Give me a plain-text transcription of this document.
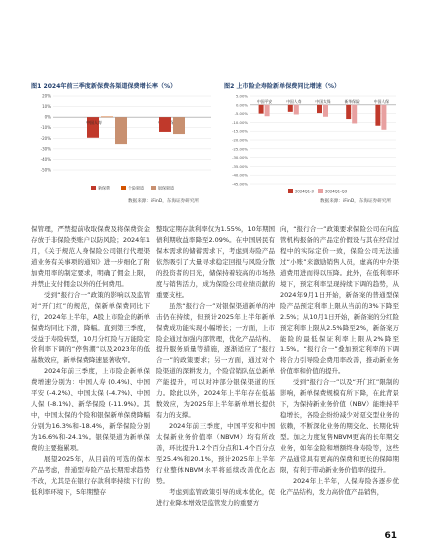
图1 2024年前三季度新保费各渠道保费增长率（%）
20%
10%
0%
-10%
-20%
-30%
-40%
-50%
中国人寿
新保费	个险渠道	银保渠道
数据来源：iFinD，东海证券研究所
图2 上市险企寿险新单保费同比增速（%）
5.00%
0.00%
-5.00%
-10.00%
-15.00%
-20.00%
-25.00%
-30.00%
-35.00%
-40.00%
-45.00%
中国平安	中国人寿	中国太保	新华保险	中国人保
2024Q1-3	2024Q1-Q3
数据来源：iFinD，东海证券研究所

保管理，严禁提前收取保费及将保费资金存放于非保险类账户以防风险；2024年1月，《关于规范人身保险公司银行代理渠道业务有关事项的通知》进一步细化了附加费用率的制定要求，明确了佣金上限，并禁止支付佣金以外的任何费用。

受到“报行合一”政策的影响以及监管对“开门红”的规范，保新单保费同比下行，2024年上半年，A股上市险企的新单保费均同比下滑，降幅。直到第三季度，受益于寿险转型，10月分红险与万能险定价利率下调的“停售潮”以及2023年的低基数效应，新单保费降速显著收窄。

2024年前三季度，上市险企新单保费增速分别为：中国人寿 (0.4%)、中国平安 (-4.2%)、中国太保 (-4.7%)、中国人保 (-8.1%)、新华保险 (-11.9%)。其中，中国太保的个险和银保新单保费降幅分别为16.3%和-18.4%，新华保险分别为16.6%和-24.1%。银保渠道为新单保费的主要拖累项。

展望2025年，从目前的可选的保本产品考虑，普通型寿险产品长期需求趋势不改，尤其是在银行存款利率持续下行的低利率环境下，5年期整存

整取定期存款利率仅为1.55%，10年期国债利期收益率降至2.09%。在中国居民有保本需求的储蓄需求下，考虑到寿险产品依然吸引了大量寻求稳定回报与风险分散的投资者的目光，储保持着较高的市场热度与销售活力，成为保险公司业绩贡献的重要支柱。

虽然“报行合一”对银保渠道新单的冲击仍在持续，但预计2025年上半年新单保费成功能实现小幅增长；一方面，上市险企通过加强内部管理，优化产品结构、提升服务质量等措施，逐渐适应了“报行合一”的政策要求；另一方面，通过对个险渠道的深耕发力，个险营销队伍总新单产能提升，可以对冲部分银保渠道的压力。除此以外，2024年上半年存在低基数效应，为2025年上半年新单增长提供有力的支撑。

2024年前三季度，中国平安和中国太保新业务价值率（NBVM）均有所改善，环比提升1.2个百分点和1.4个百分点至25.4%和20.1%，预计2025年上半年行业整体NBVM水平将延续改善优化态势。

考虑到监管政策引导的成本优化，促进行业降本增效是监管发力的重要方

向，“报行合一”政策要求保险公司在向监管机构报备的产品定价假设与其在经营过程中的实际定价一致，保险公司无法通过“小账”来激励销售人员，虚高的中介渠道费用进而得以压降。此外，在低利率环境下，预定利率呈现持续下调的趋势，从2024年9月1日开始，新备案的普通型保险产品预定利率上限从当前的3%下降至2.5%；从10月1日开始，新备案的分红险预定利率上限从2.5%降至2%，新备案万能险的最低保证利率上限从2%降至1.5%。“报行合一”叠加预定利率的下调将合力引导险企费用率改善，推动新业务价值率和价值的提升。

受到“报行合一”以及“开门红”限制的影响，新单保费规模有所下降，在此背景下，为保持新业务价值（NBV）能维持平稳增长，各险企纷纷减少对趸交型业务的依赖，不断深化业务的期交化、长期化转型。加之力度复售NBVM更高的长年期交业务，如年金险和增额终身寿险等，这些产品通常具有更高的保费和更长的保障期限，有利于带动新业务价值率的提升。

2024年上半年，人保寿险各逐步优化产品结构，发力高价值产品销售，

61
